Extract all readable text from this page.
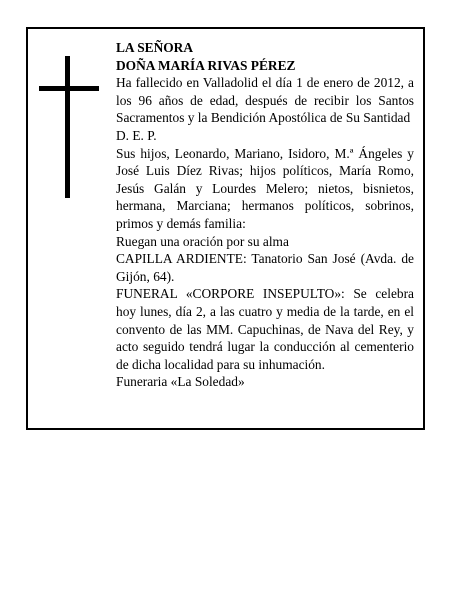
LA SEÑORA

DOÑA MARÍA RIVAS PÉREZ

Ha fallecido en Valladolid el día 1 de enero de 2012, a los 96 años de edad, después de recibir los Santos Sacramentos y la Bendición Apostólica de Su Santidad

D. E. P.

Sus hijos, Leonardo, Mariano, Isidoro, M.ª Ángeles y José Luis Díez Rivas; hijos políticos, María Romo, Jesús Galán y Lourdes Melero; nietos, bisnietos, hermana, Marciana; hermanos políticos, sobrinos, primos y demás familia:

Ruegan una oración por su alma

CAPILLA ARDIENTE: Tanatorio San José (Avda. de Gijón, 64).

FUNERAL «CORPORE INSEPULTO»: Se celebra hoy lunes, día 2, a las cuatro y media de la tarde, en el convento de las MM. Capuchinas, de Nava del Rey, y acto seguido tendrá lugar la conducción al cementerio de dicha localidad para su inhumación.

Funeraria «La Soledad»
